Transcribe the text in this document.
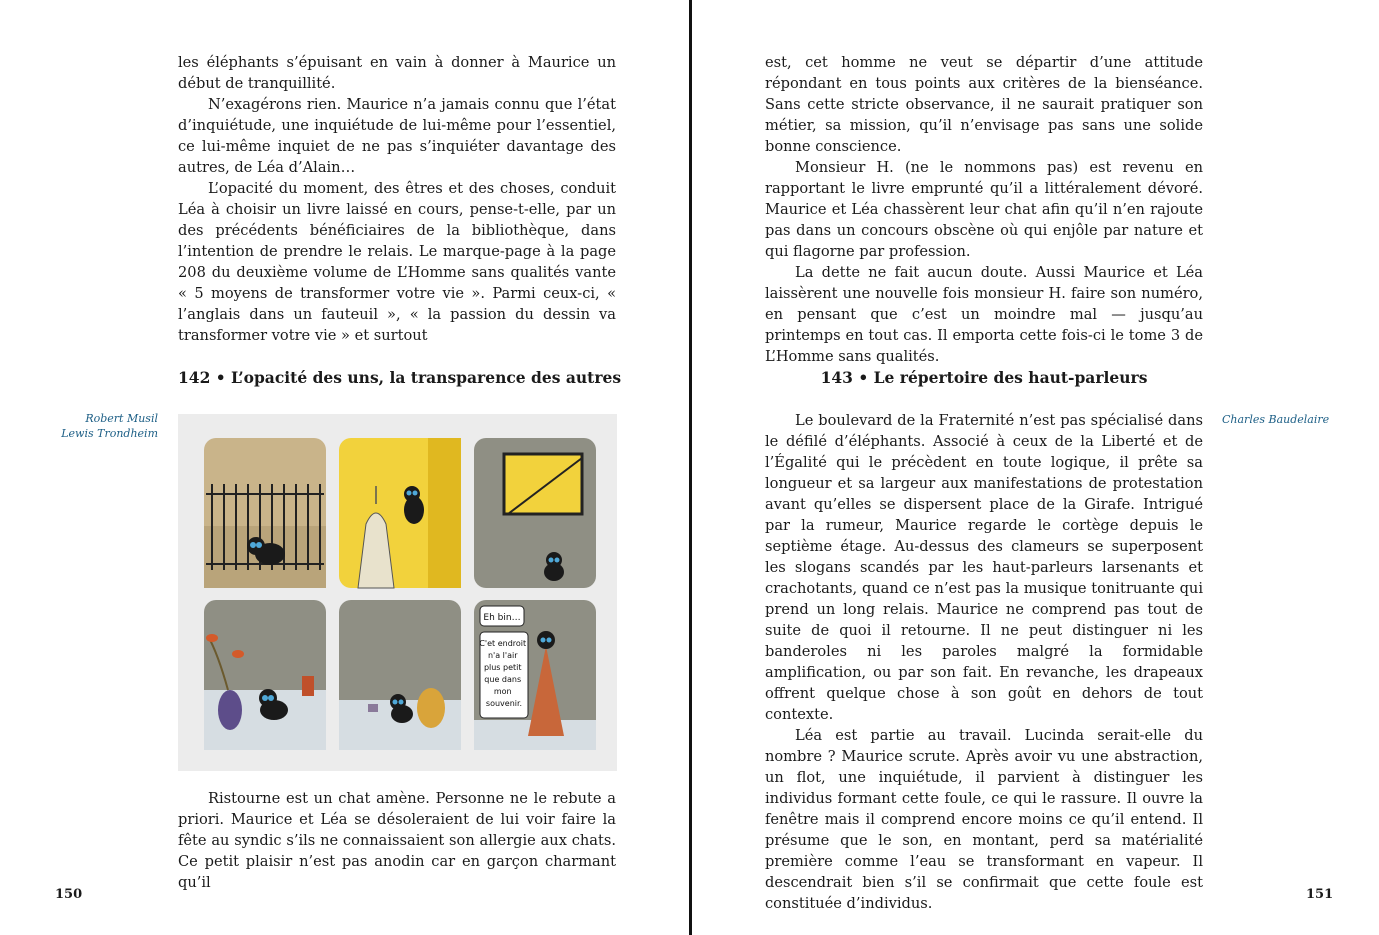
les éléphants s’épuisant en vain à donner à Maurice un début de tranquillité.

N’exagérons rien. Maurice n’a jamais connu que l’état d’inquiétude, une inquiétude de lui-même pour l’essentiel, ce lui-même inquiet de ne pas s’inquiéter davantage des autres, de Léa d’Alain…

L’opacité du moment, des êtres et des choses, conduit Léa à choisir un livre laissé en cours, pense-t-elle, par un des précédents bénéficiaires de la bibliothèque, dans l’intention de prendre le relais. Le marque-page à la page 208 du deuxième volume de L’Homme sans qualités vante « 5 moyens de transformer votre vie ». Parmi ceux-ci, « l’anglais dans un fauteuil », « la passion du dessin va transformer votre vie » et surtout

142 • L’opacité des uns, la transparence des autres
Robert Musil
Lewis Trondheim
Eh bin…
C'et endroit n'a l'air plus petit que dans mon souvenir.

Ristourne est un chat amène. Personne ne le rebute a priori. Maurice et Léa se désoleraient de lui voir faire la fête au syndic s’ils ne connaissaient son allergie aux chats. Ce petit plaisir n’est pas anodin car en garçon charmant qu’il

150

est, cet homme ne veut se départir d’une attitude répondant en tous points aux critères de la bienséance. Sans cette stricte observance, il ne saurait pratiquer son métier, sa mission, qu’il n’envisage pas sans une solide bonne conscience.

Monsieur H. (ne le nommons pas) est revenu en rapportant le livre emprunté qu’il a littéralement dévoré. Maurice et Léa chassèrent leur chat afin qu’il n’en rajoute pas dans un concours obscène où qui enjôle par nature et qui flagorne par profession.

La dette ne fait aucun doute. Aussi Maurice et Léa laissèrent une nouvelle fois monsieur H. faire son numéro, en pensant que c’est un moindre mal — jusqu’au printemps en tout cas. Il emporta cette fois-ci le tome 3 de L’Homme sans qualités.

143 • Le répertoire des haut-parleurs
Charles Baudelaire

Le boulevard de la Fraternité n’est pas spécialisé dans le défilé d’éléphants. Associé à ceux de la Liberté et de l’Égalité qui le précèdent en toute logique, il prête sa longueur et sa largeur aux manifestations de protestation avant qu’elles se dispersent place de la Girafe. Intrigué par la rumeur, Maurice regarde le cortège depuis le septième étage. Au-dessus des clameurs se superposent les slogans scandés par les haut-parleurs larsenants et crachotants, quand ce n’est pas la musique tonitruante qui prend un long relais. Maurice ne comprend pas tout de suite de quoi il retourne. Il ne peut distinguer ni les banderoles ni les paroles malgré la formidable amplification, ou par son fait. En revanche, les drapeaux offrent quelque chose à son goût en dehors de tout contexte.

Léa est partie au travail. Lucinda serait-elle du nombre ? Maurice scrute. Après avoir vu une abstraction, un flot, une inquiétude, il parvient à distinguer les individus formant cette foule, ce qui le rassure. Il ouvre la fenêtre mais il comprend encore moins ce qu’il entend. Il présume que le son, en montant, perd sa matérialité première comme l’eau se transformant en vapeur. Il descendrait bien s’il se confirmait que cette foule est constituée d’individus.

151
